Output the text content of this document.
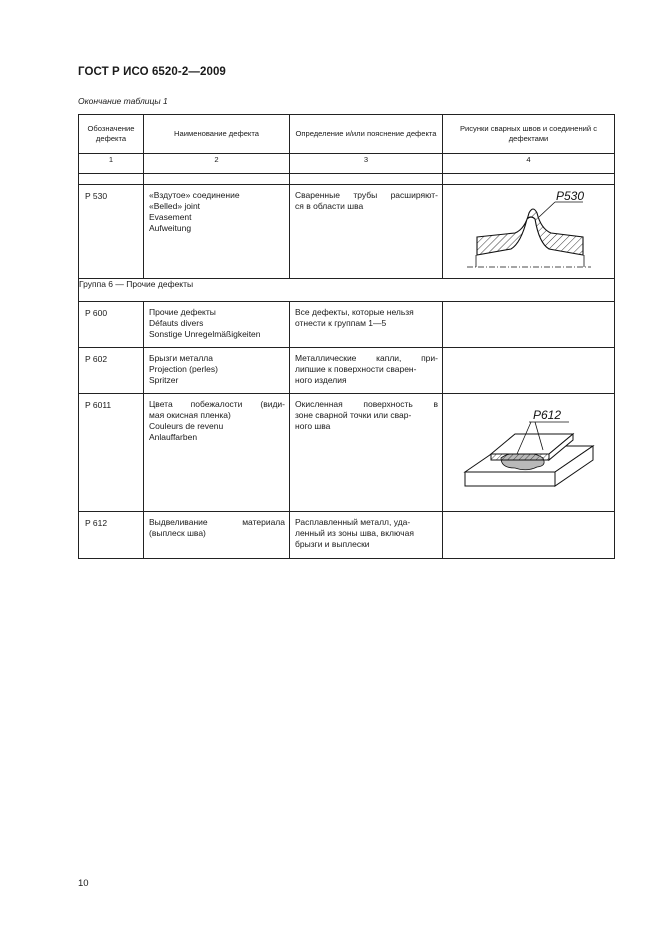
ГОСТ Р ИСО 6520-2—2009
Окончание таблицы 1
Обозначение дефекта	Наименование дефекта	Определение и/или пояснение дефекта	Рисунки сварных швов и соединений с дефектами
1	2	3	4

P 530	«Вздутое» соединение
«Belled» joint
Evasement
Aufweitung	Сваренные трубы расширяют-
ся в области шва	P530

Группа 6 — Прочие дефекты			
P 600	Прочие дефекты
Défauts divers
Sonstige Unregelmäßigkeiten	Все дефекты, которые нельзя
отнести к группам 1—5	

P 602	Брызги металла
Projection (perles)
Spritzer	Металлические капли, при-
липшие к поверхности сварен-
ного изделия	

P 6011	Цвета побежалости (види-
мая окисная пленка)
Couleurs de revenu
Anlauffarben	Окисленная поверхность в
зоне сварной точки или свар-
ного шва	P612

P 612	Выдвеливание материала
(выплеск шва)	Расплавленный металл, уда-
ленный из зоны шва, включая
брызги и выплески	

10
